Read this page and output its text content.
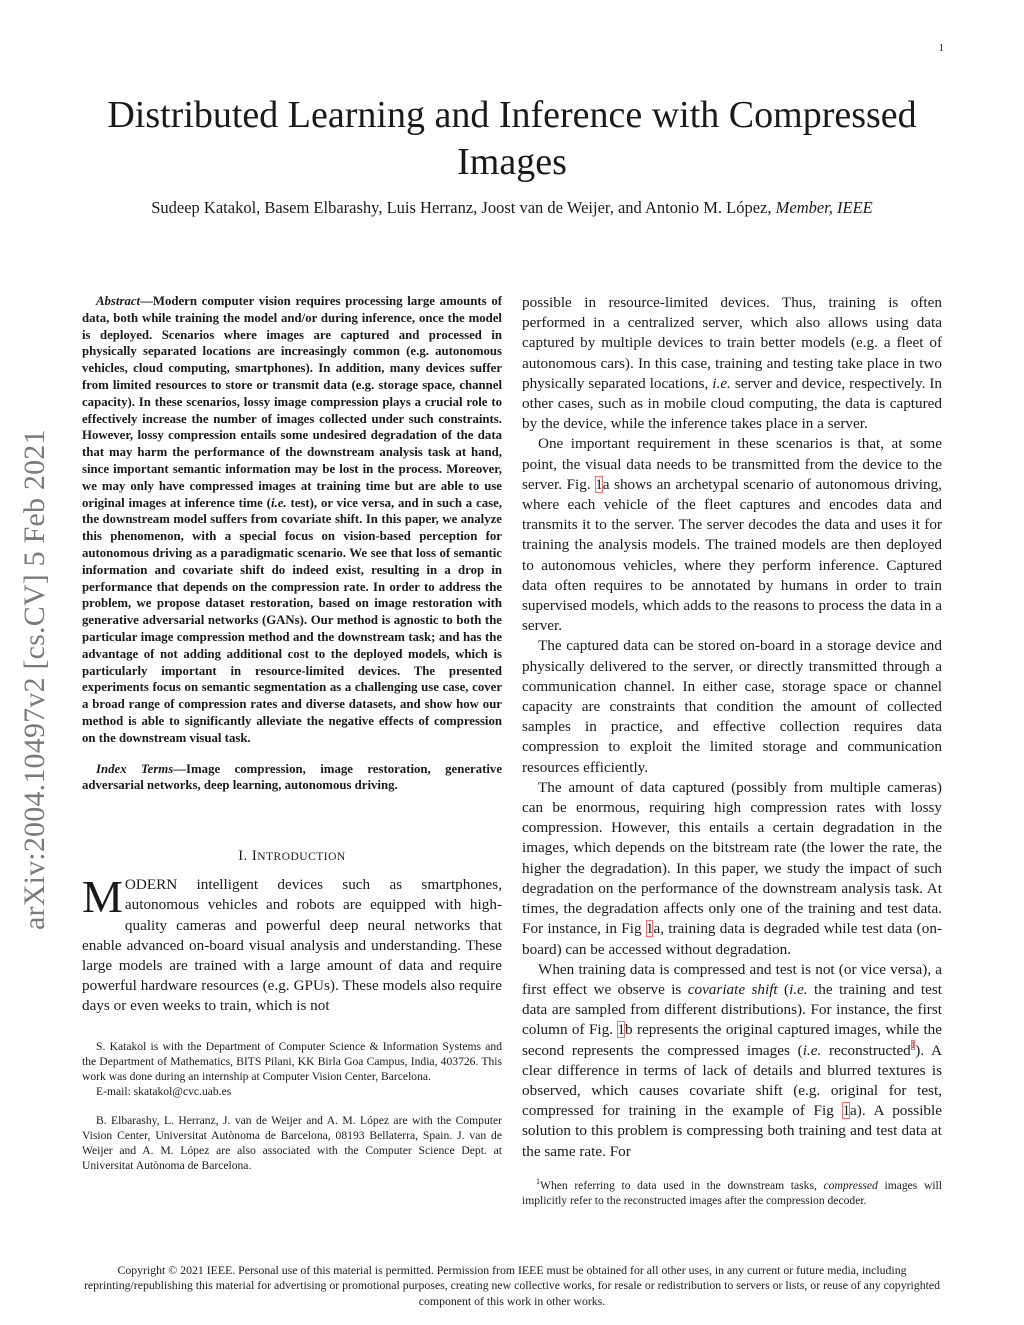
1
arXiv:2004.10497v2 [cs.CV] 5 Feb 2021
Distributed Learning and Inference with Compressed Images
Sudeep Katakol, Basem Elbarashy, Luis Herranz, Joost van de Weijer, and Antonio M. López, Member, IEEE
Abstract—Modern computer vision requires processing large amounts of data, both while training the model and/or during inference, once the model is deployed. Scenarios where images are captured and processed in physically separated locations are increasingly common (e.g. autonomous vehicles, cloud computing, smartphones). In addition, many devices suffer from limited resources to store or transmit data (e.g. storage space, channel capacity). In these scenarios, lossy image compression plays a crucial role to effectively increase the number of images collected under such constraints. However, lossy compression entails some undesired degradation of the data that may harm the performance of the downstream analysis task at hand, since important semantic information may be lost in the process. Moreover, we may only have compressed images at training time but are able to use original images at inference time (i.e. test), or vice versa, and in such a case, the downstream model suffers from covariate shift. In this paper, we analyze this phenomenon, with a special focus on vision-based perception for autonomous driving as a paradigmatic scenario. We see that loss of semantic information and covariate shift do indeed exist, resulting in a drop in performance that depends on the compression rate. In order to address the problem, we propose dataset restoration, based on image restoration with generative adversarial networks (GANs). Our method is agnostic to both the particular image compression method and the downstream task; and has the advantage of not adding additional cost to the deployed models, which is particularly important in resource-limited devices. The presented experiments focus on semantic segmentation as a challenging use case, cover a broad range of compression rates and diverse datasets, and show how our method is able to significantly alleviate the negative effects of compression on the downstream visual task.
Index Terms—Image compression, image restoration, generative adversarial networks, deep learning, autonomous driving.
I. INTRODUCTION

MODERN intelligent devices such as smartphones, autonomous vehicles and robots are equipped with high-quality cameras and powerful deep neural networks that enable advanced on-board visual analysis and understanding. These large models are trained with a large amount of data and require powerful hardware resources (e.g. GPUs). These models also require days or even weeks to train, which is not

S. Katakol is with the Department of Computer Science & Information Systems and the Department of Mathematics, BITS Pilani, KK Birla Goa Campus, India, 403726. This work was done during an internship at Computer Vision Center, Barcelona.
E-mail: skatakol@cvc.uab.es
B. Elbarashy, L. Herranz, J. van de Weijer and A. M. López are with the Computer Vision Center, Universitat Autònoma de Barcelona, 08193 Bellaterra, Spain. J. van de Weijer and A. M. López are also associated with the Computer Science Dept. at Universitat Autònoma de Barcelona.

possible in resource-limited devices. Thus, training is often performed in a centralized server, which also allows using data captured by multiple devices to train better models (e.g. a fleet of autonomous cars). In this case, training and testing take place in two physically separated locations, i.e. server and device, respectively. In other cases, such as in mobile cloud computing, the data is captured by the device, while the inference takes place in a server.

One important requirement in these scenarios is that, at some point, the visual data needs to be transmitted from the device to the server. Fig. 1a shows an archetypal scenario of autonomous driving, where each vehicle of the fleet captures and encodes data and transmits it to the server. The server decodes the data and uses it for training the analysis models. The trained models are then deployed to autonomous vehicles, where they perform inference. Captured data often requires to be annotated by humans in order to train supervised models, which adds to the reasons to process the data in a server.

The captured data can be stored on-board in a storage device and physically delivered to the server, or directly transmitted through a communication channel. In either case, storage space or channel capacity are constraints that condition the amount of collected samples in practice, and effective collection requires data compression to exploit the limited storage and communication resources efficiently.

The amount of data captured (possibly from multiple cameras) can be enormous, requiring high compression rates with lossy compression. However, this entails a certain degradation in the images, which depends on the bitstream rate (the lower the rate, the higher the degradation). In this paper, we study the impact of such degradation on the performance of the downstream analysis task. At times, the degradation affects only one of the training and test data. For instance, in Fig 1a, training data is degraded while test data (on-board) can be accessed without degradation.

When training data is compressed and test is not (or vice versa), a first effect we observe is covariate shift (i.e. the training and test data are sampled from different distributions). For instance, the first column of Fig. 1b represents the original captured images, while the second represents the compressed images (i.e. reconstructed$^1$). A clear difference in terms of lack of details and blurred textures is observed, which causes covariate shift (e.g. original for test, compressed for training in the example of Fig 1a). A possible solution to this problem is compressing both training and test data at the same rate. For

$^1$When referring to data used in the downstream tasks, compressed images will implicitly refer to the reconstructed images after the compression decoder.
Copyright © 2021 IEEE. Personal use of this material is permitted. Permission from IEEE must be obtained for all other uses, in any current or future media, including reprinting/republishing this material for advertising or promotional purposes, creating new collective works, for resale or redistribution to servers or lists, or reuse of any copyrighted component of this work in other works.
